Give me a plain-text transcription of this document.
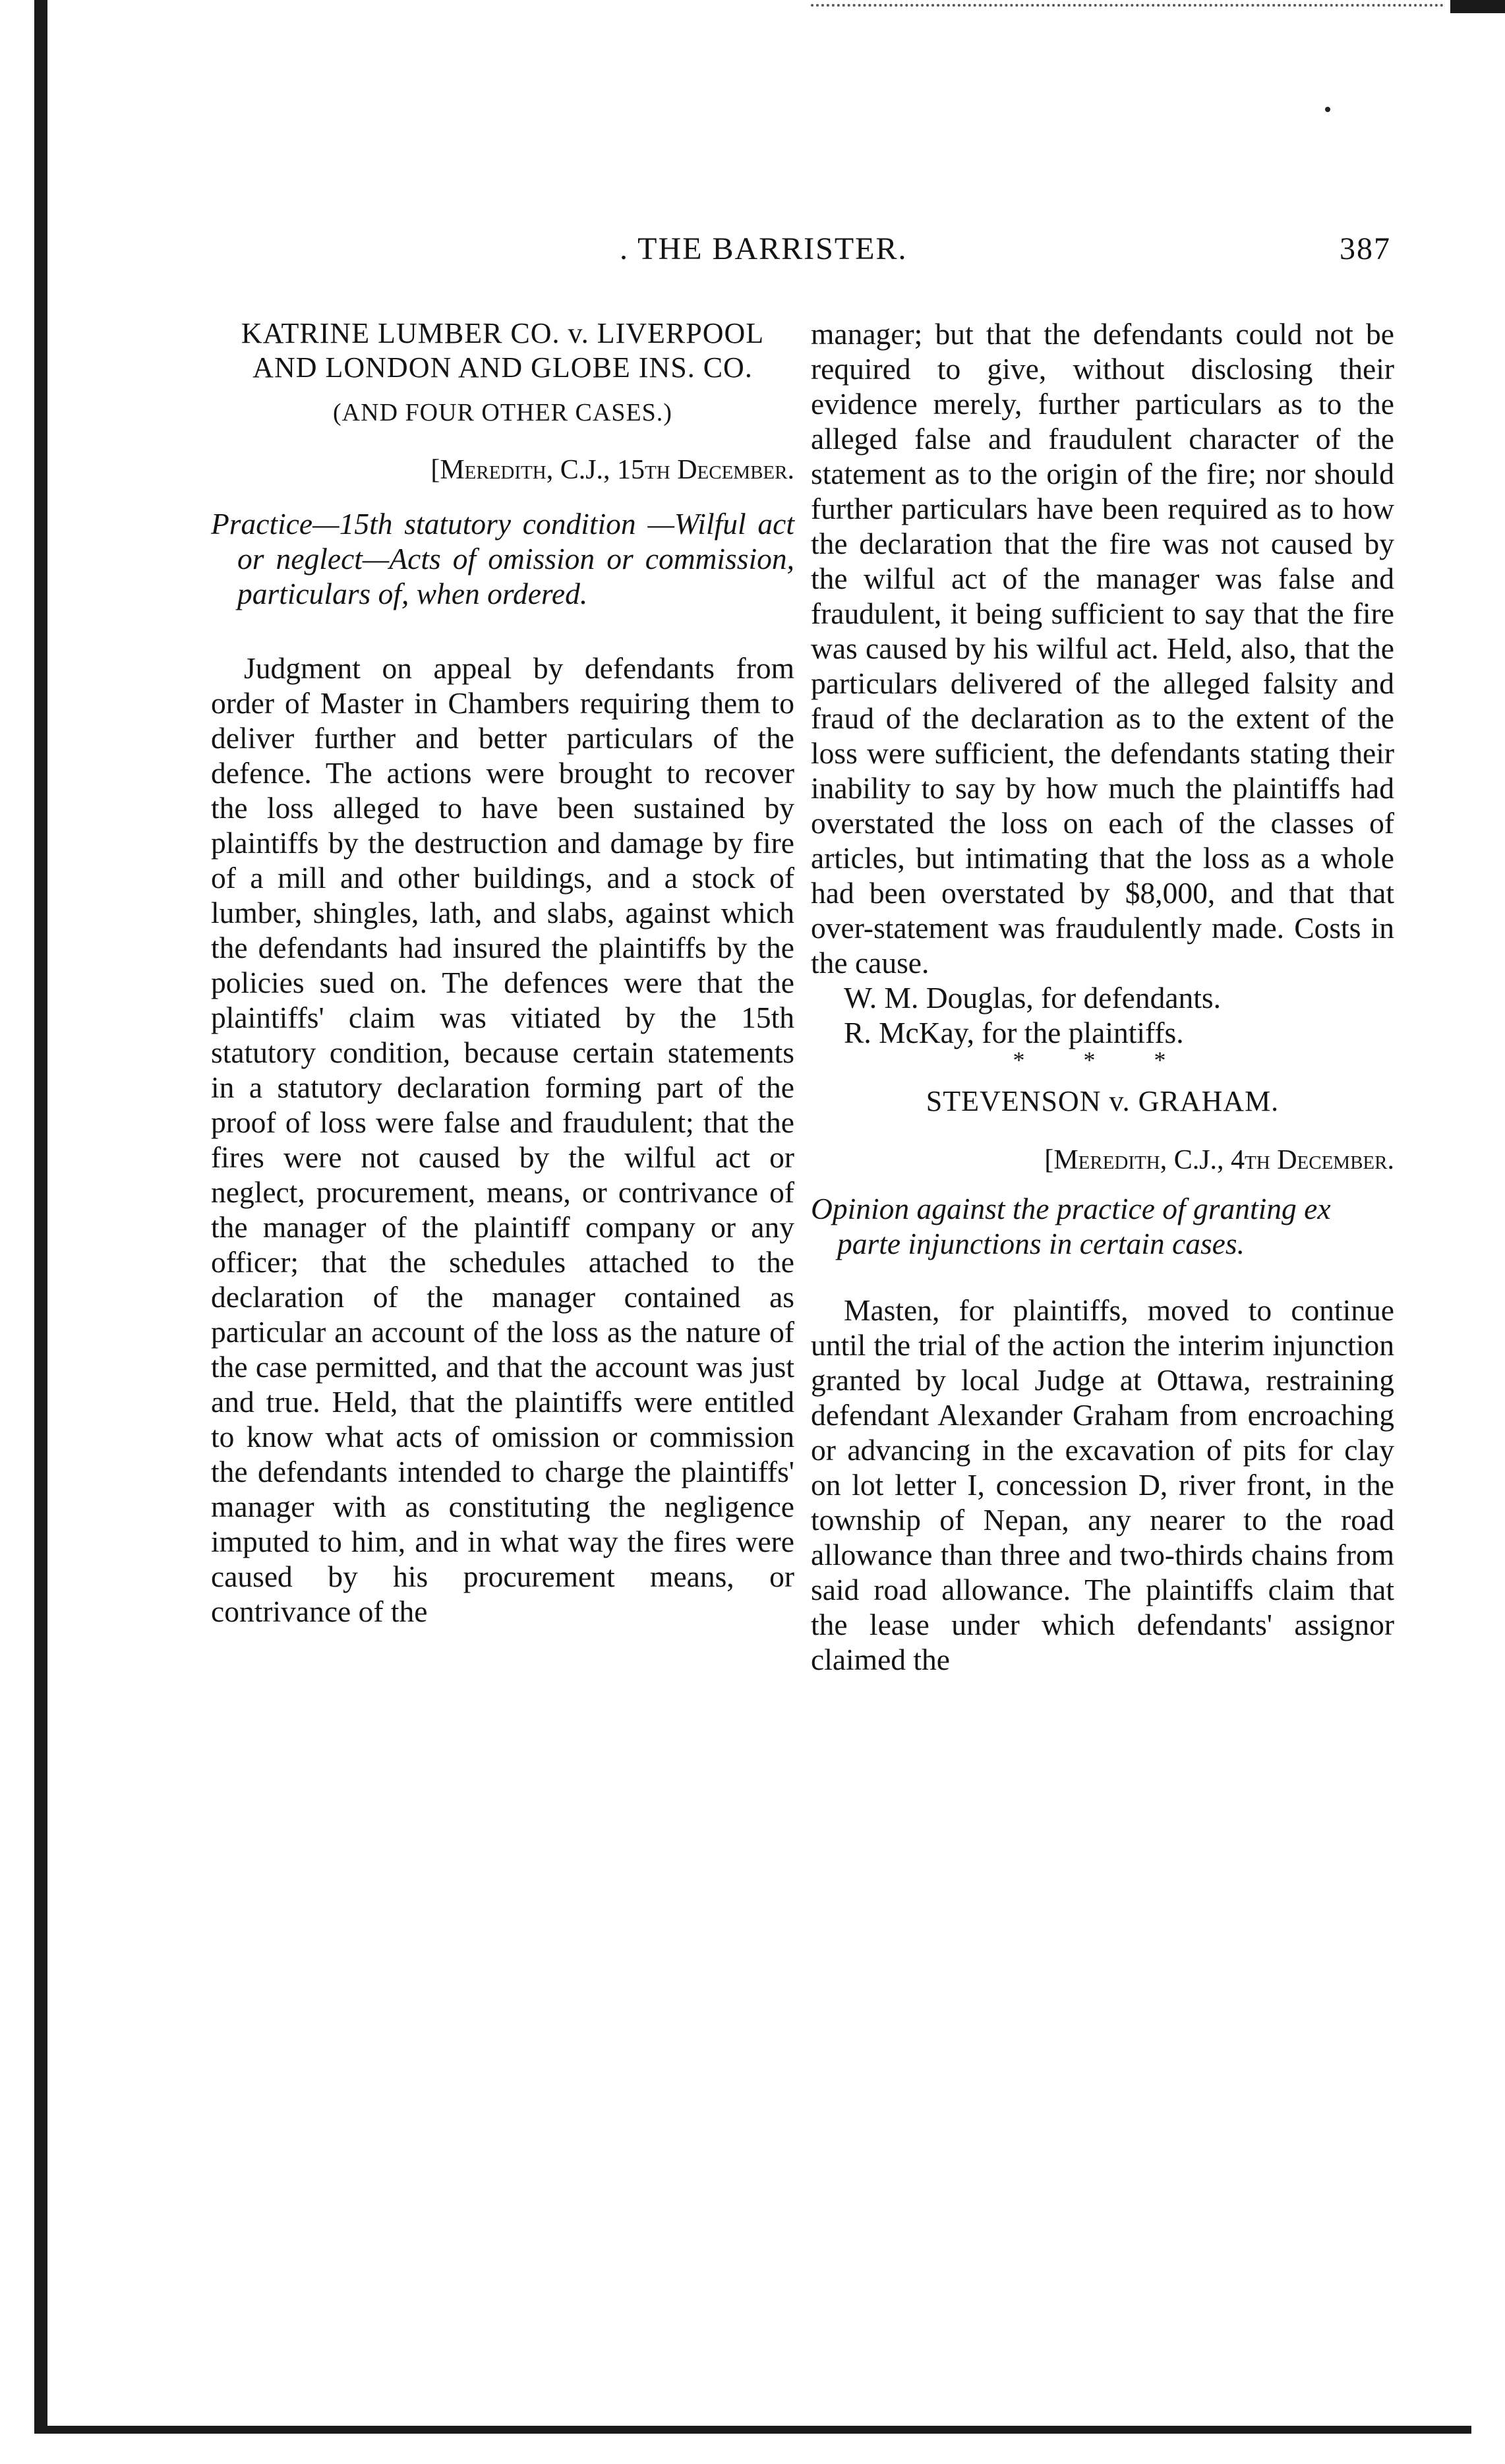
. THE BARRISTER.	387
KATRINE LUMBER CO. v. LIVERPOOL AND LONDON AND GLOBE INS. CO.

(AND FOUR OTHER CASES.)

[Meredith, C.J., 15th December.

Practice—15th statutory condition —Wilful act or neglect—Acts of omission or commission, particulars of, when ordered.

Judgment on appeal by defendants from order of Master in Chambers requiring them to deliver further and better particulars of the defence. The actions were brought to recover the loss alleged to have been sustained by plaintiffs by the destruction and damage by fire of a mill and other buildings, and a stock of lumber, shingles, lath, and slabs, against which the defendants had insured the plaintiffs by the policies sued on. The defences were that the plaintiffs' claim was vitiated by the 15th statutory condition, because certain statements in a statutory declaration forming part of the proof of loss were false and fraudulent; that the fires were not caused by the wilful act or neglect, procurement, means, or contrivance of the manager of the plaintiff company or any officer; that the schedules attached to the declaration of the manager contained as particular an account of the loss as the nature of the case permitted, and that the account was just and true. Held, that the plaintiffs were entitled to know what acts of omission or commission the defendants intended to charge the plaintiffs' manager with as constituting the negligence imputed to him, and in what way the fires were caused by his procurement means, or contrivance of the

manager; but that the defendants could not be required to give, without disclosing their evidence merely, further particulars as to the alleged false and fraudulent character of the statement as to the origin of the fire; nor should further particulars have been required as to how the declaration that the fire was not caused by the wilful act of the manager was false and fraudulent, it being sufficient to say that the fire was caused by his wilful act. Held, also, that the particulars delivered of the alleged falsity and fraud of the declaration as to the extent of the loss were sufficient, the defendants stating their inability to say by how much the plaintiffs had overstated the loss on each of the classes of articles, but intimating that the loss as a whole had been overstated by $8,000, and that that over-statement was fraudulently made. Costs in the cause.

W. M. Douglas, for defendants.

R. McKay, for the plaintiffs.

* * *

STEVENSON v. GRAHAM.

[Meredith, C.J., 4th December.

Opinion against the practice of granting ex parte injunctions in certain cases.

Masten, for plaintiffs, moved to continue until the trial of the action the interim injunction granted by local Judge at Ottawa, restraining defendant Alexander Graham from encroaching or advancing in the excavation of pits for clay on lot letter I, concession D, river front, in the township of Nepan, any nearer to the road allowance than three and two-thirds chains from said road allowance. The plaintiffs claim that the lease under which defendants' assignor claimed the
